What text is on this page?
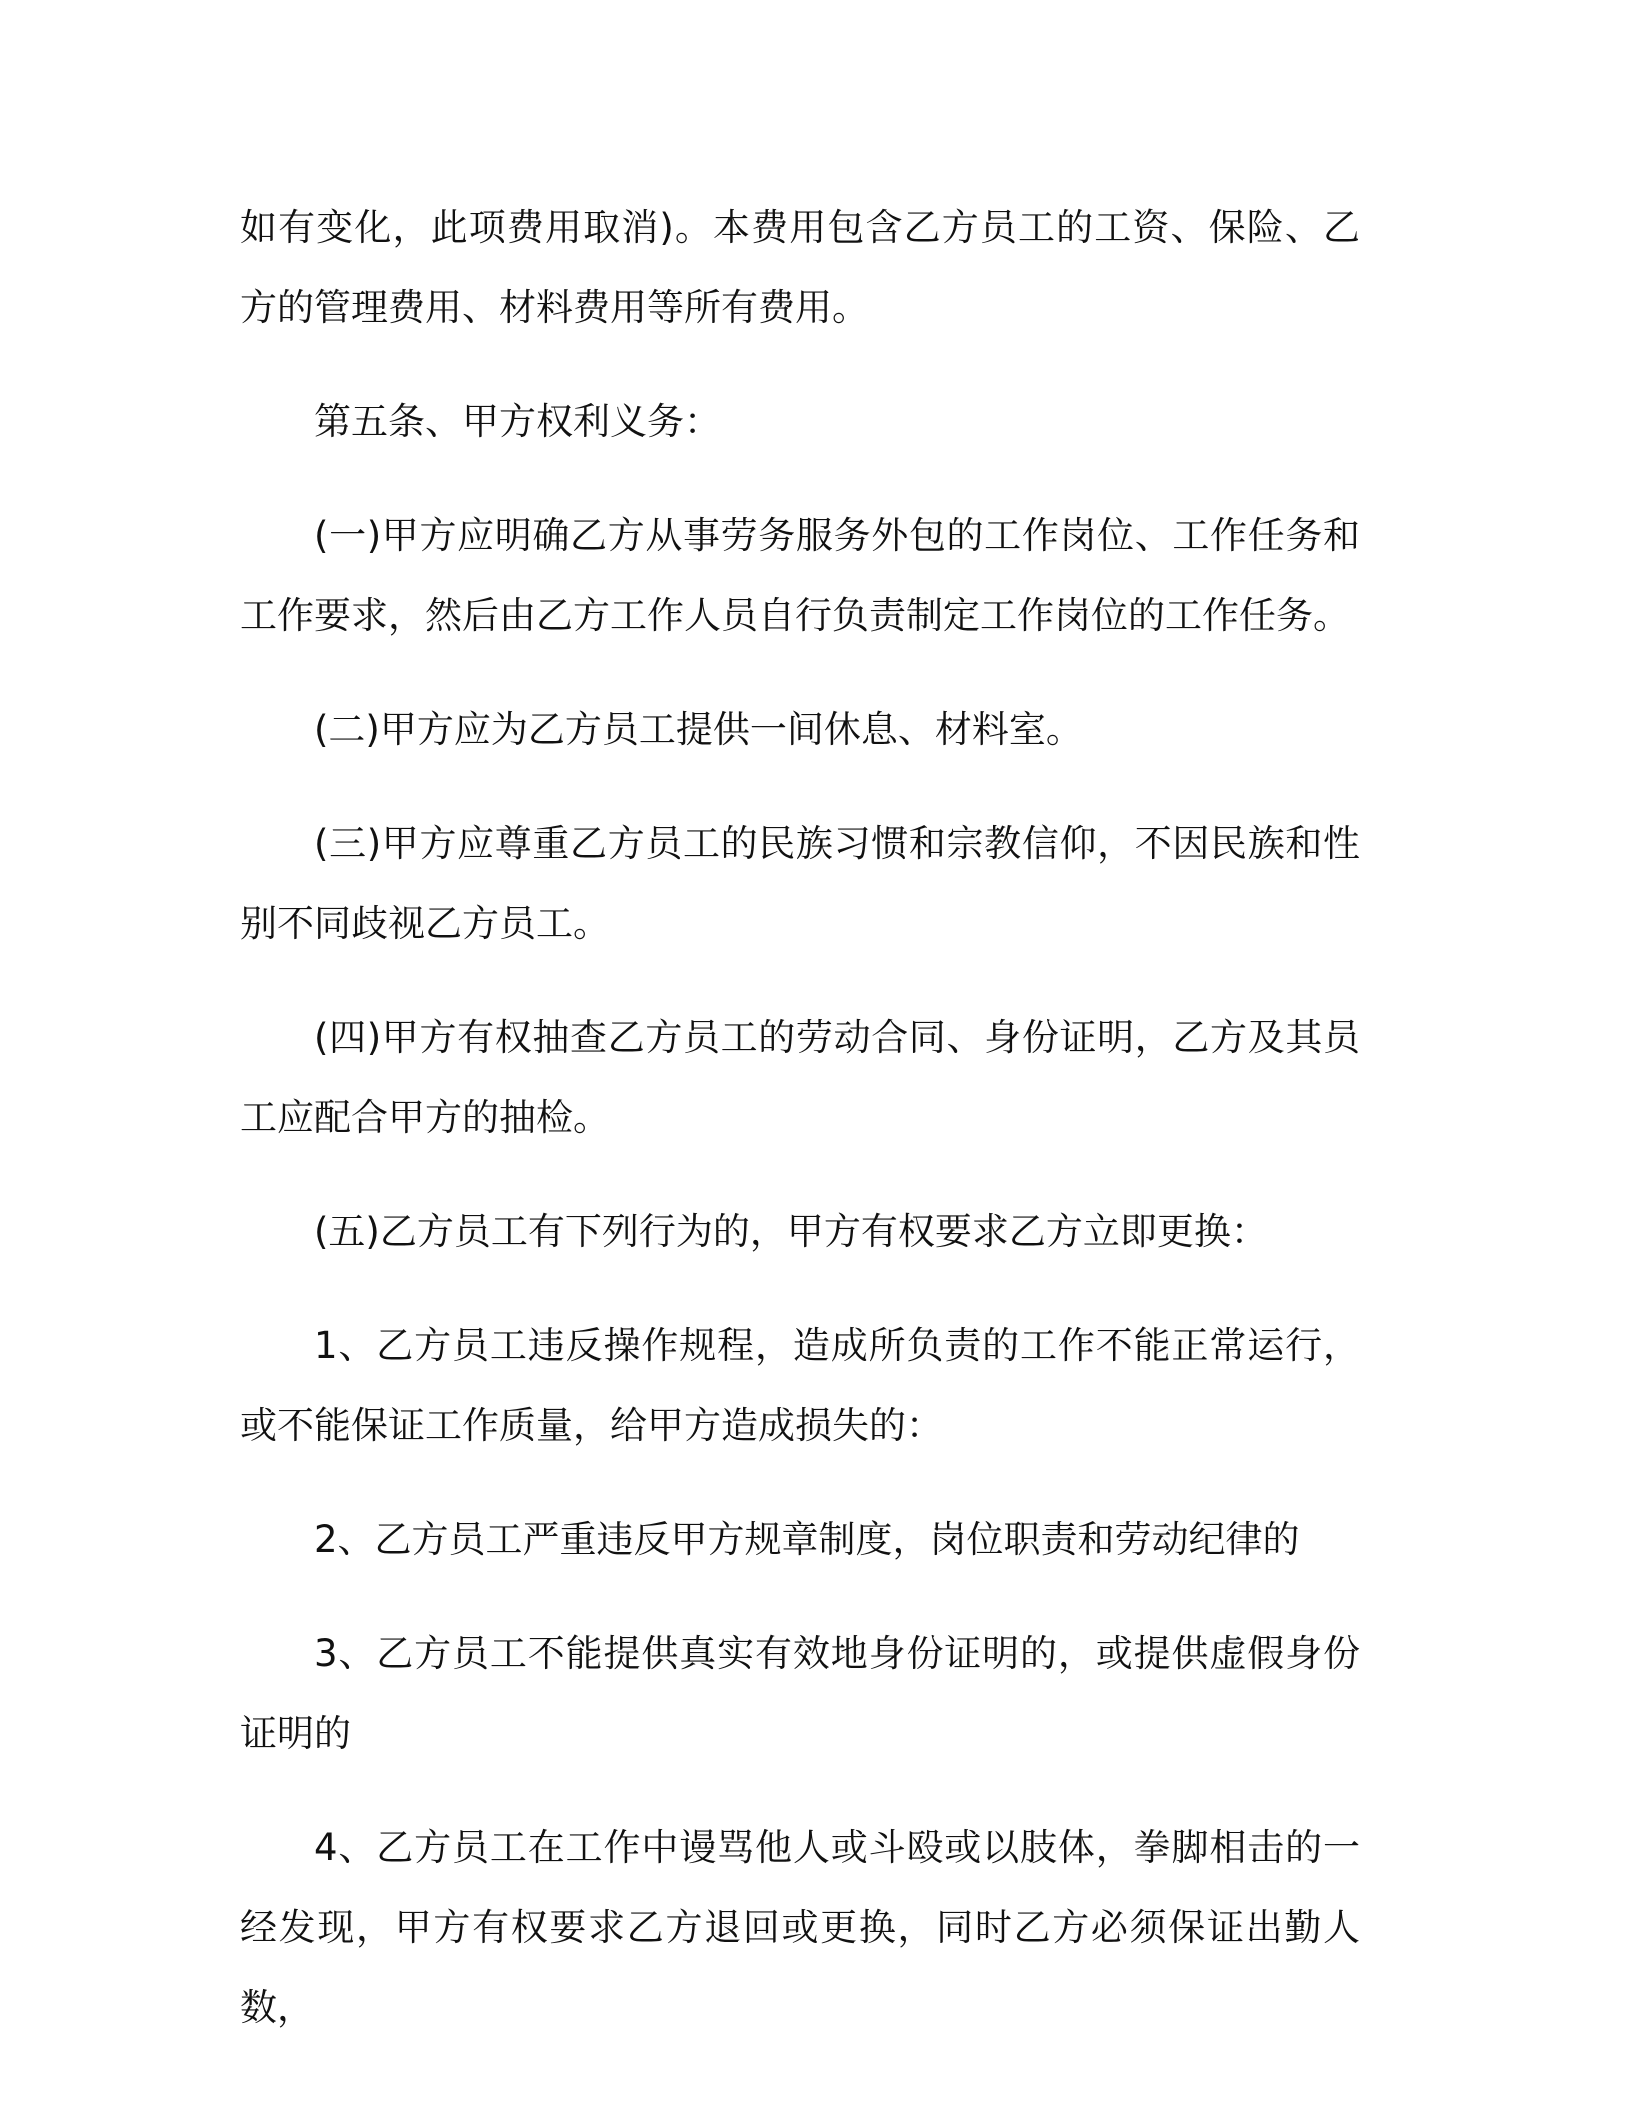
如有变化，此项费用取消)。本费用包含乙方员工的工资、保险、乙方的管理费用、材料费用等所有费用。

第五条、甲方权利义务：

(一)甲方应明确乙方从事劳务服务外包的工作岗位、工作任务和工作要求，然后由乙方工作人员自行负责制定工作岗位的工作任务。

(二)甲方应为乙方员工提供一间休息、材料室。

(三)甲方应尊重乙方员工的民族习惯和宗教信仰，不因民族和性别不同歧视乙方员工。

(四)甲方有权抽查乙方员工的劳动合同、身份证明，乙方及其员工应配合甲方的抽检。

(五)乙方员工有下列行为的，甲方有权要求乙方立即更换：

1、乙方员工违反操作规程，造成所负责的工作不能正常运行，或不能保证工作质量，给甲方造成损失的：

2、乙方员工严重违反甲方规章制度，岗位职责和劳动纪律的

3、乙方员工不能提供真实有效地身份证明的，或提供虚假身份证明的

4、乙方员工在工作中谩骂他人或斗殴或以肢体，拳脚相击的一经发现，甲方有权要求乙方退回或更换，同时乙方必须保证出勤人数，
